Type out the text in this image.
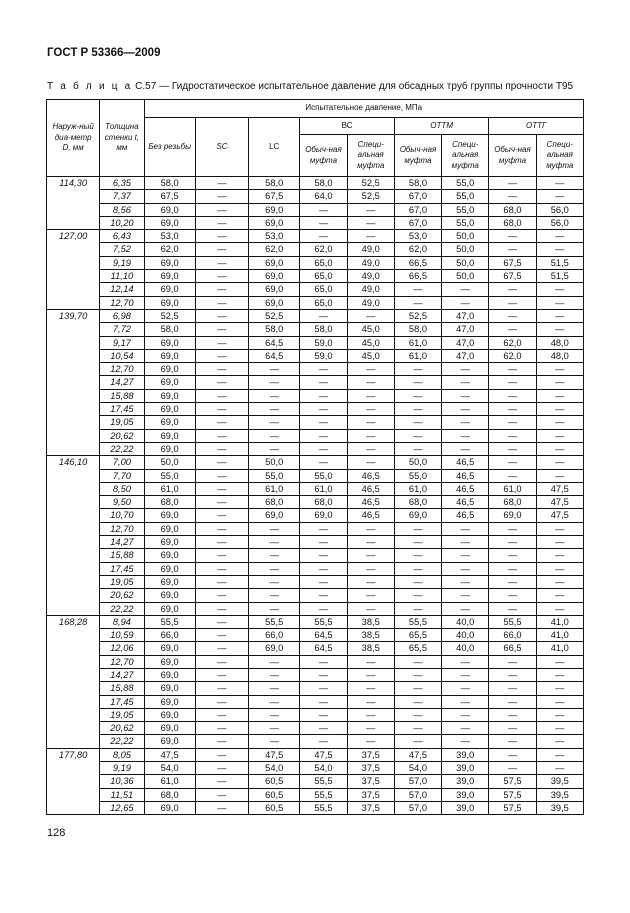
ГОСТ Р 53366—2009
Т а б л и ц а С.57 — Гидростатическое испытательное давление для обсадных труб группы прочности Т95
Наруж-ный диа-метр D, мм	Толщина стенки t, мм	Испытательное давление, МПа								
		Без резьбы	SC	LC	ВС		ОТТМ		ОТТГ	
					Обыч-ная муфта	Специ-альная муфта	Обыч-ная муфта	Специ-альная муфта	Обыч-ная муфта	Специ-альная муфта
114,30	6,35	58,0	—	58,0	58,0	52,5	58,0	55,0	—	—
	7,37	67,5	—	67,5	64,0	52,5	67,0	55,0	—	—
	8,56	69,0	—	69,0	—	—	67,0	55,0	68,0	56,0
	10,20	69,0	—	69,0	—	—	67,0	55,0	68,0	56,0
127,00	6,43	53,0	—	53,0	—	—	53,0	50,0	—	—
	7,52	62,0	—	62,0	62,0	49,0	62,0	50,0	—	—
	9,19	69,0	—	69,0	65,0	49,0	66,5	50,0	67,5	51,5
	11,10	69,0	—	69,0	65,0	49,0	66,5	50,0	67,5	51,5
	12,14	69,0	—	69,0	65,0	49,0	—	—	—	—
	12,70	69,0	—	69,0	65,0	49,0	—	—	—	—
139,70	6,98	52,5	—	52,5	—	—	52,5	47,0	—	—
	7,72	58,0	—	58,0	58,0	45,0	58,0	47,0	—	—
	9,17	69,0	—	64,5	59,0	45,0	61,0	47,0	62,0	48,0
	10,54	69,0	—	64,5	59,0	45,0	61,0	47,0	62,0	48,0
	12,70	69,0	—	—	—	—	—	—	—	—
	14,27	69,0	—	—	—	—	—	—	—	—
	15,88	69,0	—	—	—	—	—	—	—	—
	17,45	69,0	—	—	—	—	—	—	—	—
	19,05	69,0	—	—	—	—	—	—	—	—
	20,62	69,0	—	—	—	—	—	—	—	—
	22,22	69,0	—	—	—	—	—	—	—	—
146,10	7,00	50,0	—	50,0	—	—	50,0	46,5	—	—
	7,70	55,0	—	55,0	55,0	46,5	55,0	46,5	—	—
	8,50	61,0	—	61,0	61,0	46,5	61,0	46,5	61,0	47,5
	9,50	68,0	—	68,0	68,0	46,5	68,0	46,5	68,0	47,5
	10,70	69,0	—	69,0	69,0	46,5	69,0	46,5	69,0	47,5
	12,70	69,0	—	—	—	—	—	—	—	—
	14,27	69,0	—	—	—	—	—	—	—	—
	15,88	69,0	—	—	—	—	—	—	—	—
	17,45	69,0	—	—	—	—	—	—	—	—
	19,05	69,0	—	—	—	—	—	—	—	—
	20,62	69,0	—	—	—	—	—	—	—	—
	22,22	69,0	—	—	—	—	—	—	—	—
168,28	8,94	55,5	—	55,5	55,5	38,5	55,5	40,0	55,5	41,0
	10,59	66,0	—	66,0	64,5	38,5	65,5	40,0	66,0	41,0
	12,06	69,0	—	69,0	64,5	38,5	65,5	40,0	66,5	41,0
	12,70	69,0	—	—	—	—	—	—	—	—
	14,27	69,0	—	—	—	—	—	—	—	—
	15,88	69,0	—	—	—	—	—	—	—	—
	17,45	69,0	—	—	—	—	—	—	—	—
	19,05	69,0	—	—	—	—	—	—	—	—
	20,62	69,0	—	—	—	—	—	—	—	—
	22,22	69,0	—	—	—	—	—	—	—	—
177,80	8,05	47,5	—	47,5	47,5	37,5	47,5	39,0	—	—
	9,19	54,0	—	54,0	54,0	37,5	54,0	39,0	—	—
	10,36	61,0	—	60,5	55,5	37,5	57,0	39,0	57,5	39,5
	11,51	68,0	—	60,5	55,5	37,5	57,0	39,0	57,5	39,5
	12,65	69,0	—	60,5	55,5	37,5	57,0	39,0	57,5	39,5
128
